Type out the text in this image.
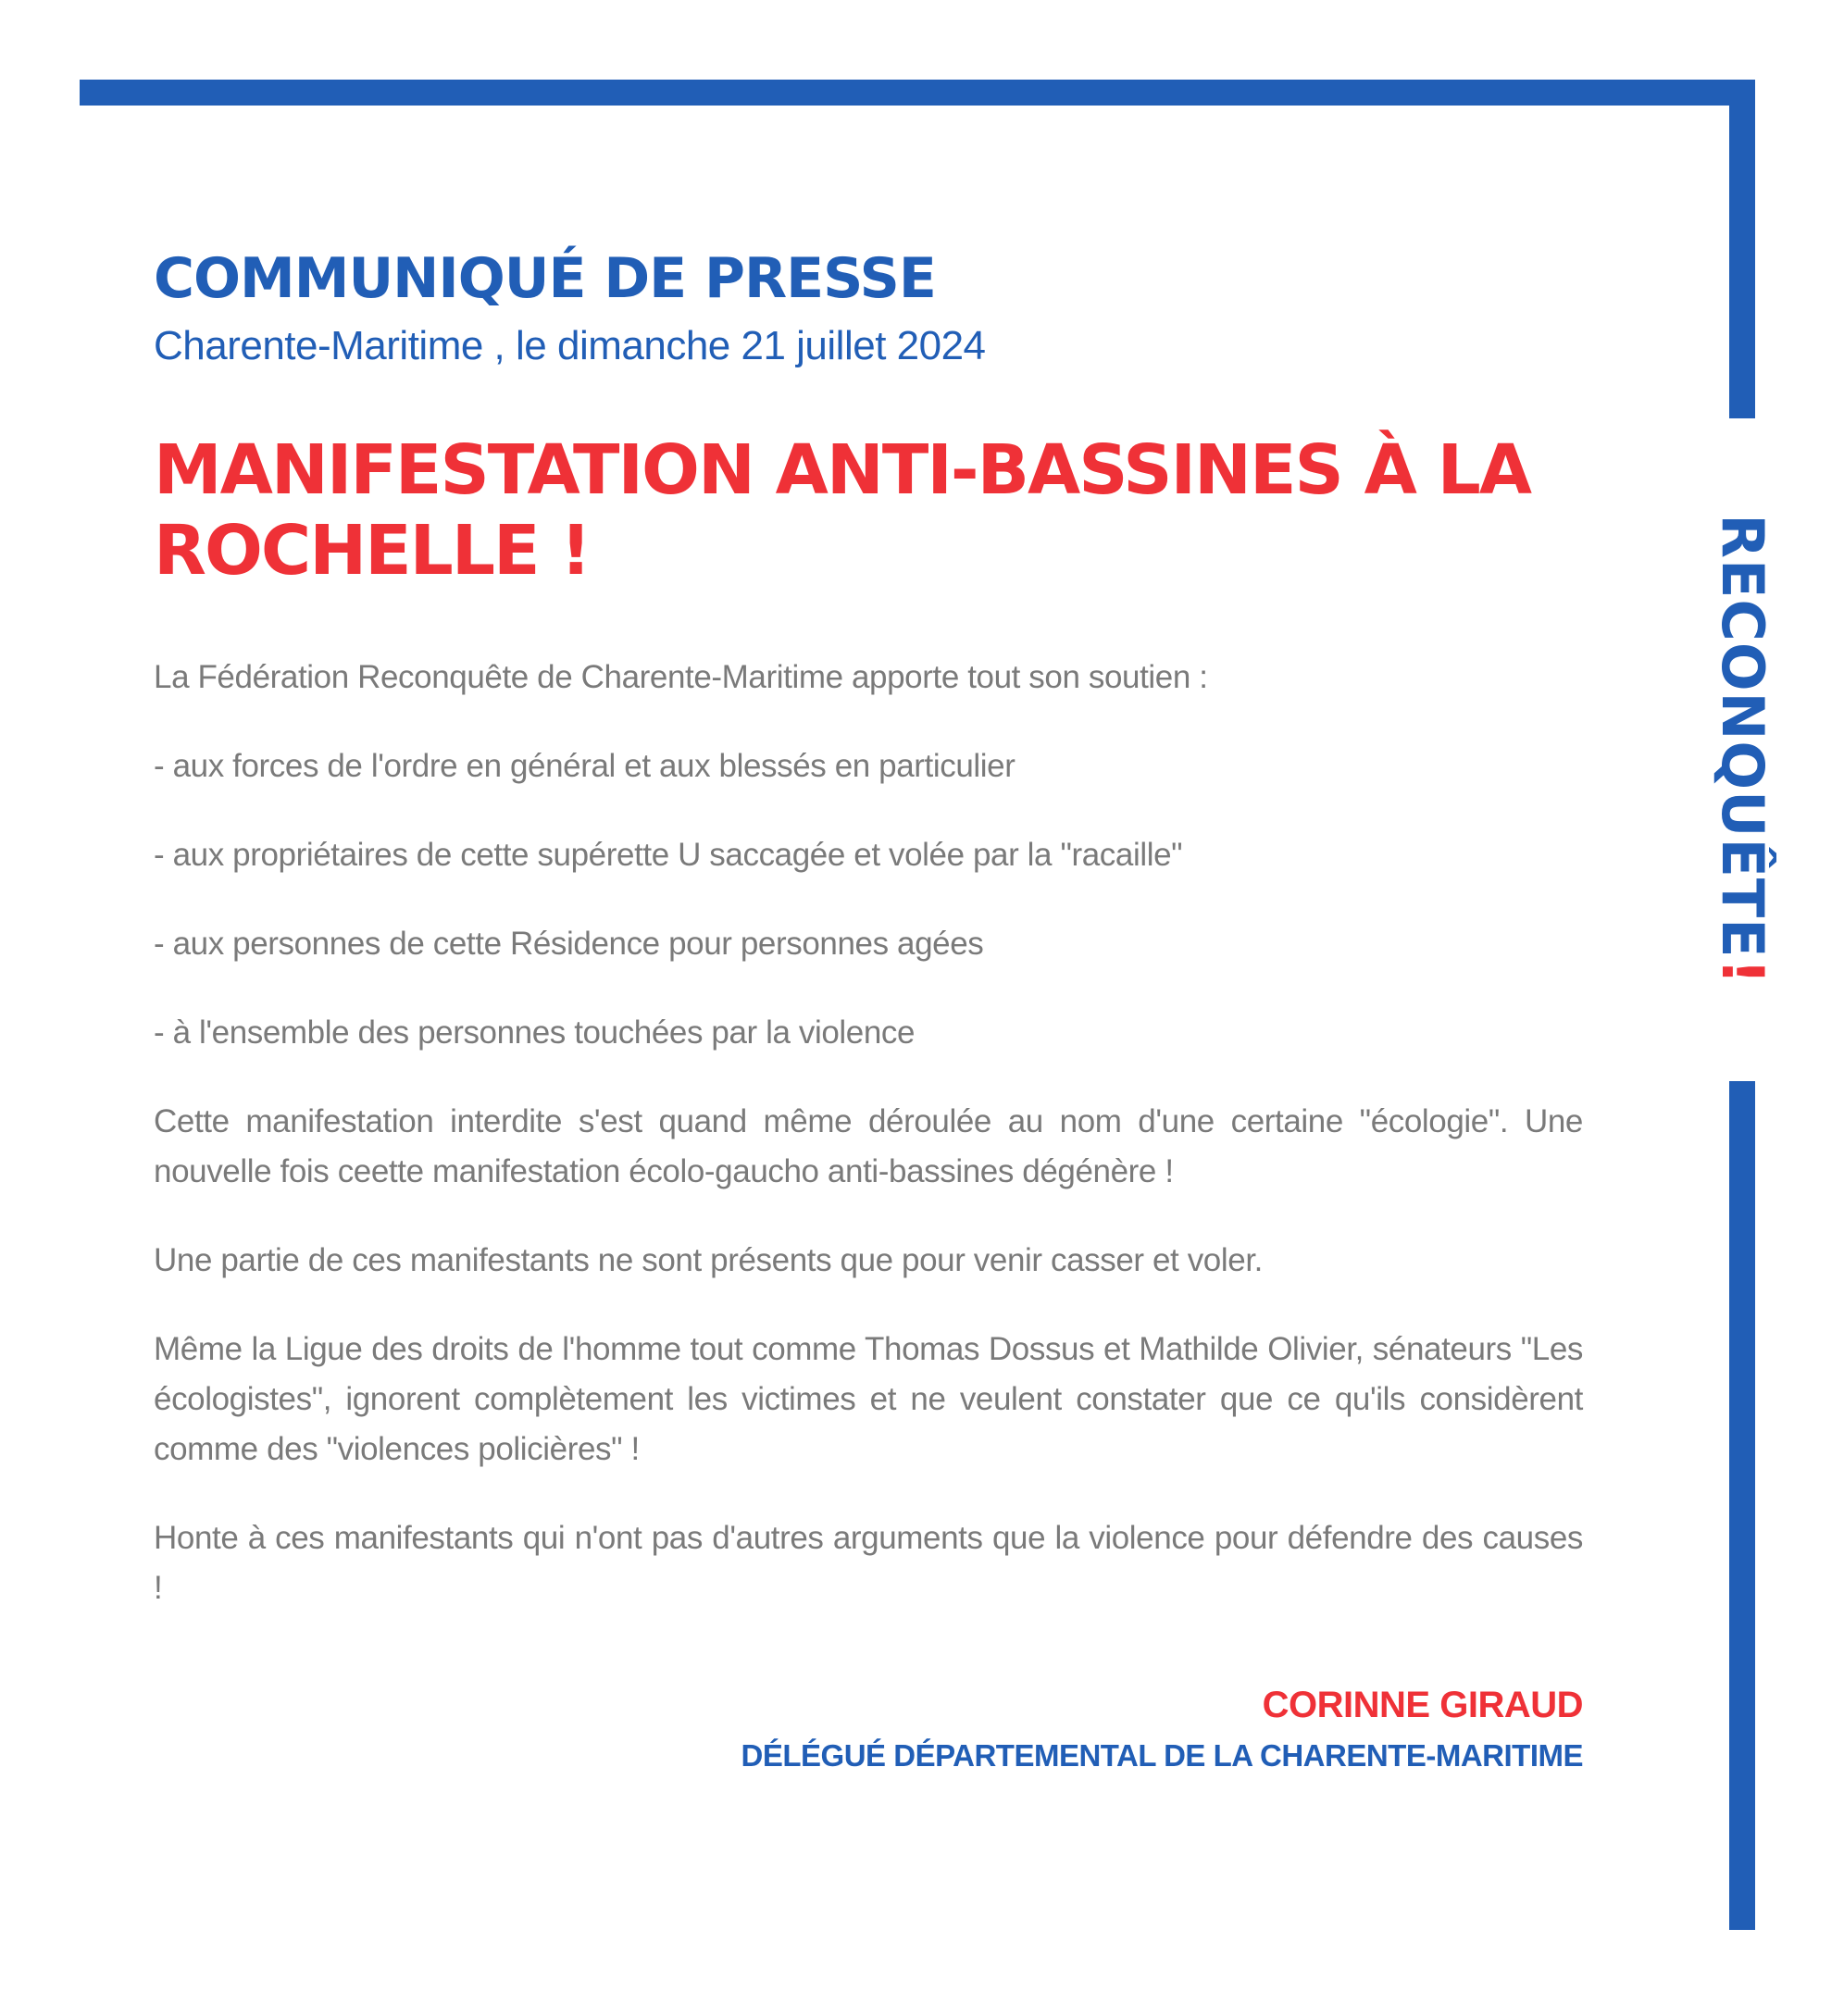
RECONQUÊTE!
COMMUNIQUÉ DE PRESSE

Charente-Maritime , le dimanche 21 juillet 2024

MANIFESTATION ANTI-BASSINES À LA ROCHELLE !

La Fédération Reconquête de Charente-Maritime apporte tout son soutien :

- aux forces de l'ordre en général et aux blessés en particulier

- aux propriétaires de cette supérette U saccagée et volée par la "racaille"

- aux personnes de cette Résidence pour personnes agées

- à l'ensemble des personnes touchées par la violence

Cette manifestation interdite s'est quand même déroulée au nom d'une certaine "écologie". Une nouvelle fois ceette manifestation écolo-gaucho anti-bassines dégénère !

Une partie de ces manifestants ne sont présents que pour venir casser et voler.

Même la Ligue des droits de l'homme tout comme Thomas Dossus et Mathilde Olivier, sénateurs "Les écologistes", ignorent complètement les victimes et ne veulent constater que ce qu'ils considèrent comme des "violences policières" !

Honte à ces manifestants qui n'ont pas d'autres arguments que la violence pour défendre des causes !

CORINNE GIRAUD

DÉLÉGUÉ DÉPARTEMENTAL DE LA CHARENTE-MARITIME
